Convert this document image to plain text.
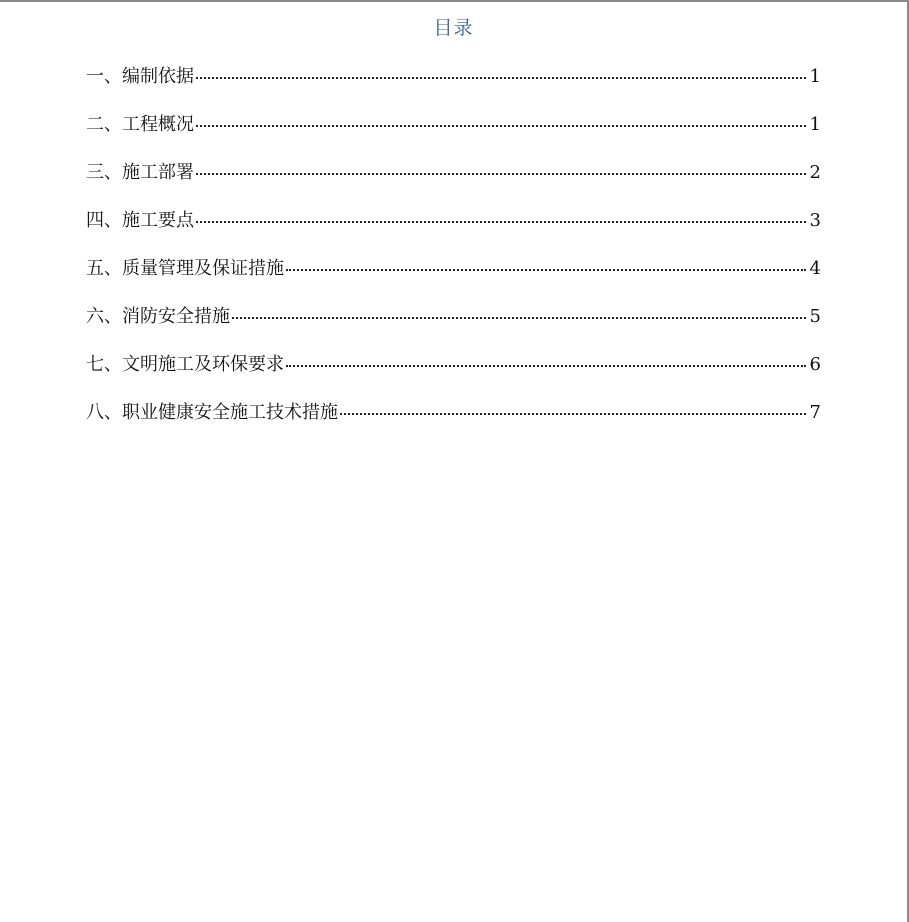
目录
一、编制依据	1
二、工程概况	1
三、施工部署	2
四、施工要点	3
五、质量管理及保证措施	4
六、消防安全措施	5
七、文明施工及环保要求	6
八、职业健康安全施工技术措施	7
